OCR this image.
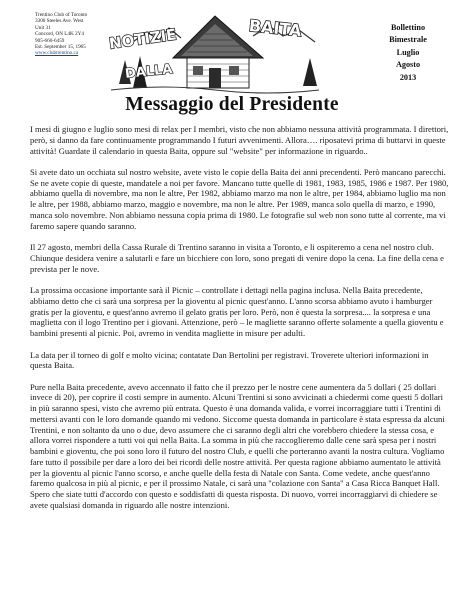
Trentino Club of Toronto
3300 Steeles Ave. West
Unit 31
Concord, ON L4K 2Y4
905-660-6459
Est. September 15, 1965
www.clubtrentino.ca
NOTIZIE
DALLA
BAITA	Bollettino
Bimestrale
Luglio
Agosto
2013
Messaggio del Presidente

I mesi di giugno e luglio sono mesi di relax per I membri, visto che non abbiamo nessuna attività programmata. I direttori, però, si danno da fare continuamente programmando I futuri avvenimenti. Allora…. riposatevi prima di buttarvi in queste attività! Guardate il calendario in questa Baita, oppure sul "website" per informazione in riguardo..

Si avete dato un occhiata sul nostro website, avete visto le copie della Baita dei anni precendenti. Però mancano parecchi. Se ne avete copie di queste, mandatele a noi per favore. Mancano tutte quelle di 1981, 1983, 1985, 1986 e 1987. Per 1980, abbiamo quella di novembre, ma non le altre, Per 1982, abbiamo marzo ma non le altre, per 1984, abbiamo luglio ma non le altre, per 1988, abbiamo marzo, maggio e novembre, ma non le altre. Per 1989, manca solo quella di marzo, e 1990, manca solo novembre. Non abbiamo nessuna copia prima di 1980. Le fotografie sul web non sono tutte al corrente, ma vi faremo sapere quando saranno.

Il 27 agosto, membri della Cassa Rurale di Trentino saranno in visita a Toronto, e li ospiteremo a cena nel nostro club. Chiunque desidera venire a salutarli e fare un bicchiere con loro, sono pregati di venire dopo la cena. La fine della cena e prevista per le nove.

La prossima occasione importante sarà il Picnic – controllate i dettagi nella pagina inclusa. Nella Baita precedente, abbiamo detto che ci sarà una sorpresa per la gioventu al picnic quest'anno. L'anno scorsa abbiamo avuto i hamburger gratis per la gioventu, e quest'anno avremo il gelato gratis per loro. Però, non è questa la sorpresa.... la sorpresa e una maglietta con il logo Trentino per i giovani. Attenzione, però – le magliette saranno offerte solamente a quella gioventu e bambini presenti al picnic. Poi, avremo in vendita magliette in misure per adulti.

La data per il torneo di golf e molto vicina; contatate Dan Bertolini per registravi. Troverete ulteriori informazioni in questa Baita.

Pure nella Baita precedente, avevo accennato il fatto che il prezzo per le nostre cene aumentera da 5 dollari ( 25 dollari invece di 20), per coprire il costi sempre in aumento. Alcuni Trentini si sono avvicinati a chiedermi come questi 5 dollari in più saranno spesi, visto che avremo più entrata. Questo è una domanda valida, e vorrei incorraggiare tutti i Trentini di mettersi avanti con le loro domande quando mi vedono. Siccome questa domanda in particolare è stata espressa da alcuni Trentini, e non soltanto da uno o due, devo assumere che ci saranno degli altri che vorebbero chiedere la stessa cosa, e allora vorrei rispondere a tutti voi qui nella Baita. La somma in più che raccoglieremo dalle cene sarà spesa per i nostri bambini e gioventu, che poi sono loro il futuro del nostro Club, e quelli che porteranno avanti la nostra cultura. Vogliamo fare tutto il possibile per dare a loro dei bei ricordi delle nostre attività. Per questa ragione abbiamo aumentato le attività per la gioventu al picnic l'anno scorso, e anche quelle della festa di Natale con Santa. Come vedete, anche quest'anno faremo qualcosa in più al picnic, e per il prossimo Natale, ci sarà una "colazione con Santa" a Casa Ricca Banquet Hall. Spero che siate tutti d'accordo con questo e soddisfatti di questa risposta. Di nuovo, vorrei incorraggiarvi di chiedere se avete qualsiasi domanda in riguardo alle nostre intenzioni.
